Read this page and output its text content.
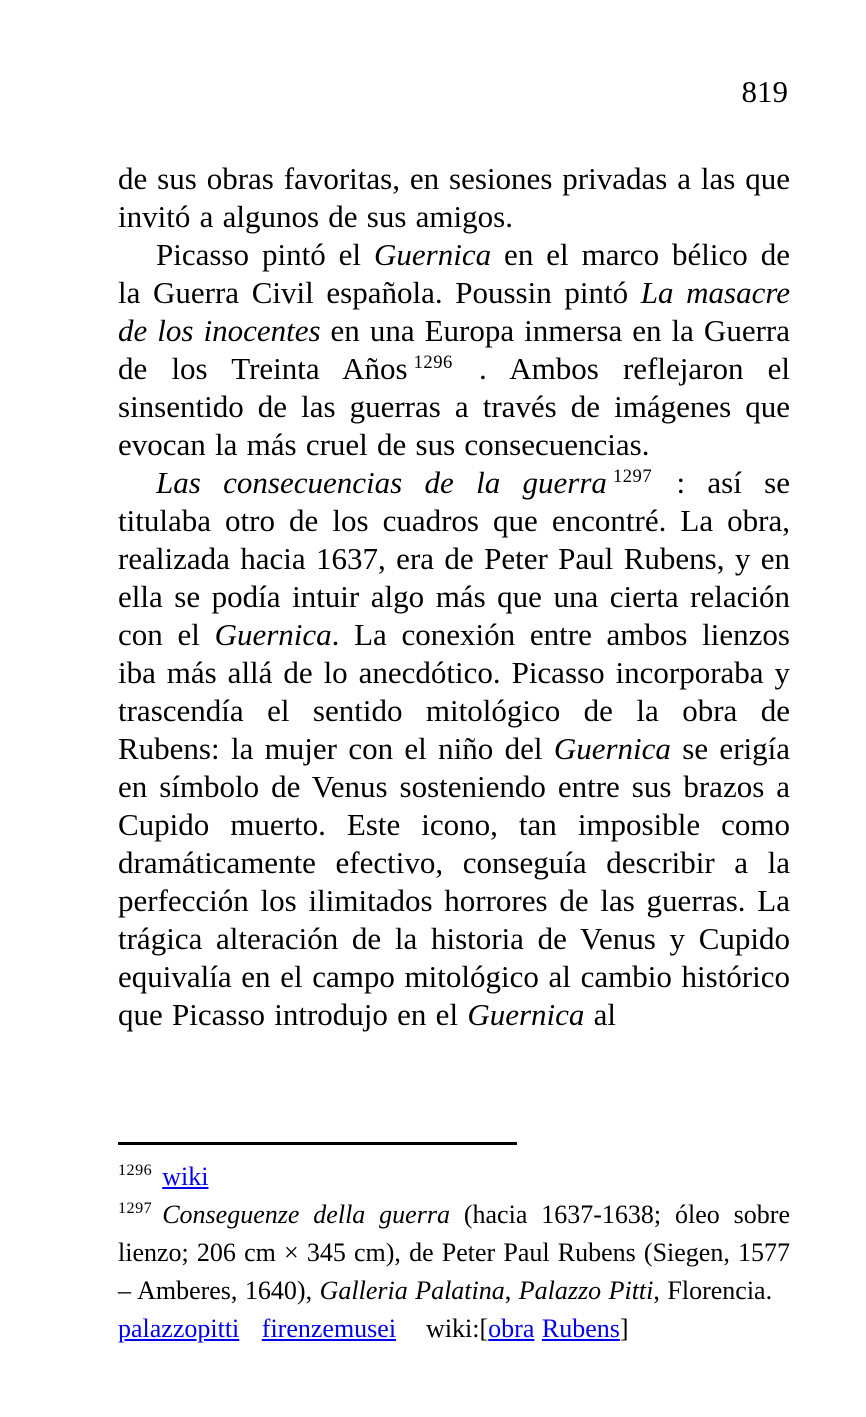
819

de sus obras favoritas, en sesiones privadas a las que invitó a algunos de sus amigos.

Picasso pintó el Guernica en el marco bélico de la Guerra Civil española. Poussin pintó La masacre de los inocentes en una Europa inmersa en la Guerra de los Treinta Años $^{1296}$ . Ambos reflejaron el sinsentido de las guerras a través de imágenes que evocan la más cruel de sus consecuencias.

Las consecuencias de la guerra $^{1297}$ : así se titulaba otro de los cuadros que encontré. La obra, realizada hacia 1637, era de Peter Paul Rubens, y en ella se podía intuir algo más que una cierta relación con el Guernica. La conexión entre ambos lienzos iba más allá de lo anecdótico. Picasso incorporaba y trascendía el sentido mitológico de la obra de Rubens: la mujer con el niño del Guernica se erigía en símbolo de Venus sosteniendo entre sus brazos a Cupido muerto. Este icono, tan imposible como dramáticamente efectivo, conseguía describir a la perfección los ilimitados horrores de las guerras. La trágica alteración de la historia de Venus y Cupido equivalía en el campo mitológico al cambio histórico que Picasso introdujo en el Guernica al

$^{1296}$ wiki

$^{1297}$ Conseguenze della guerra (hacia 1637-1638; óleo sobre lienzo; 206 cm × 345 cm), de Peter Paul Rubens (Siegen, 1577 – Amberes, 1640), Galleria Palatina, Palazzo Pitti, Florencia.

palazzopitti firenzemusei    wiki:[obra Rubens]
